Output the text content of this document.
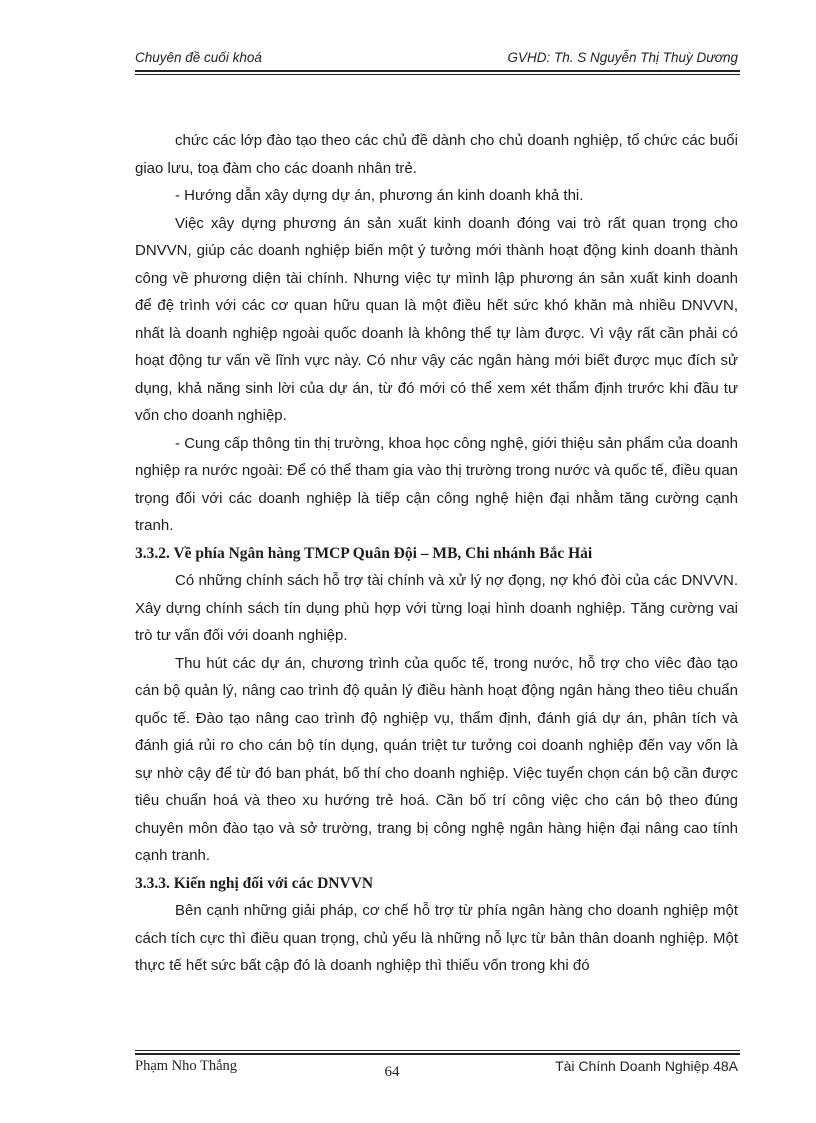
Chuyên đề cuối khoá	GVHD: Th. S Nguyễn Thị Thuỳ Dương

chức các lớp đào tạo theo các chủ đề dành cho chủ doanh nghiệp, tổ chức các buổi giao lưu, toạ đàm cho các doanh nhân trẻ.

- Hướng dẫn xây dựng dự án, phương án kinh doanh khả thi.

Việc xây dựng phương án sản xuất kinh doanh đóng vai trò rất quan trọng cho DNVVN, giúp các doanh nghiệp biến một ý tưởng mới thành hoạt động kinh doanh thành công về phương diện tài chính. Nhưng việc tự mình lập phương án sản xuất kinh doanh để đệ trình với các cơ quan hữu quan là một điều hết sức khó khăn mà nhiều DNVVN, nhất là doanh nghiệp ngoài quốc doanh là không thể tự làm được. Vì vậy rất cần phải có hoạt động tư vấn về lĩnh vực này. Có như vậy các ngân hàng mới biết được mục đích sử dụng, khả năng sinh lời của dự án, từ đó mới có thể xem xét thẩm định trước khi đầu tư vốn cho doanh nghiệp.

- Cung cấp thông tin thị trường, khoa học công nghệ, giới thiệu sản phẩm của doanh nghiệp ra nước ngoài: Để có thể tham gia vào thị trường trong nước và quốc tế, điều quan trọng đối với các doanh nghiệp là tiếp cận công nghệ hiện đại nhằm tăng cường cạnh tranh.

3.3.2. Về phía Ngân hàng TMCP Quân Đội – MB, Chi nhánh Bắc Hải

Có những chính sách hỗ trợ tài chính và xử lý nợ đọng, nợ khó đòi của các DNVVN. Xây dựng chính sách tín dụng phù hợp với từng loại hình doanh nghiệp. Tăng cường vai trò tư vấn đối với doanh nghiệp.

Thu hút các dự án, chương trình của quốc tế, trong nước, hỗ trợ cho viêc đào tạo cán bộ quản lý, nâng cao trình độ quản lý điều hành hoạt động ngân hàng theo tiêu chuẩn quốc tế. Đào tạo nâng cao trình độ nghiệp vụ, thẩm định, đánh giá dự án, phân tích và đánh giá rủi ro cho cán bộ tín dụng, quán triệt tư tưởng coi doanh nghiệp đến vay vốn là sự nhờ cậy để từ đó ban phát, bố thí cho doanh nghiệp. Việc tuyển chọn cán bộ cần được tiêu chuẩn hoá và theo xu hướng trẻ hoá. Cần bố trí công việc cho cán bộ theo đúng chuyên môn đào tạo và sở trường, trang bị công nghệ ngân hàng hiện đại nâng cao tính cạnh tranh.

3.3.3. Kiến nghị đối với các DNVVN

Bên cạnh những giải pháp, cơ chế hỗ trợ từ phía ngân hàng cho doanh nghiệp một cách tích cực thì điều quan trọng, chủ yếu là những nỗ lực từ bản thân doanh nghiệp. Một thực tế hết sức bất cập đó là doanh nghiệp thì thiếu vốn trong khi đó

Phạm Nho Thắng	64	Tài Chính Doanh Nghiệp 48A
